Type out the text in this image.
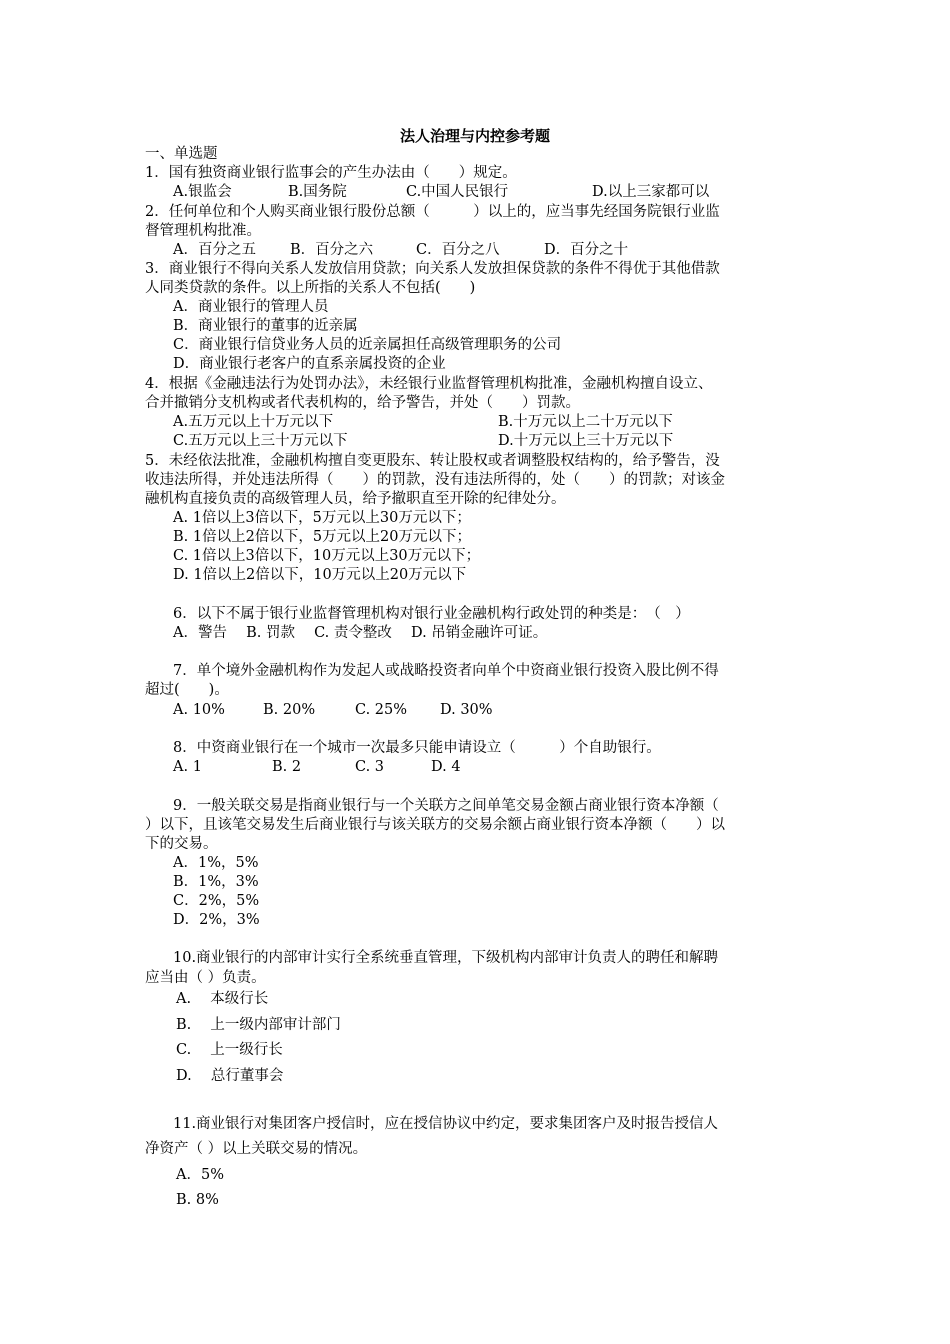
法人治理与内控参考题
一、单选题
1．国有独资商业银行监事会的产生办法由（　　）规定。
A.银监会	B.国务院	C.中国人民银行	D.以上三家都可以
2．任何单位和个人购买商业银行股份总额（　　　）以上的，应当事先经国务院银行业监
督管理机构批准。
A．百分之五 B．百分之六	C．百分之八	D．百分之十
3．商业银行不得向关系人发放信用贷款；向关系人发放担保贷款的条件不得优于其他借款
人同类贷款的条件。以上所指的关系人不包括(　　)
A．商业银行的管理人员
B．商业银行的董事的近亲属
C．商业银行信贷业务人员的近亲属担任高级管理职务的公司
D．商业银行老客户的直系亲属投资的企业
4．根据《金融违法行为处罚办法》，未经银行业监督管理机构批准，金融机构擅自设立、
合并撤销分支机构或者代表机构的，给予警告，并处（　　）罚款。
A.五万元以上十万元以下	B.十万元以上二十万元以下
C.五万元以上三十万元以下	D.十万元以上三十万元以下
5．未经依法批准，金融机构擅自变更股东、转让股权或者调整股权结构的，给予警告，没
收违法所得，并处违法所得（　　）的罚款，没有违法所得的，处（　　）的罚款；对该金
融机构直接负责的高级管理人员，给予撤职直至开除的纪律处分。
A. 1倍以上3倍以下，5万元以上30万元以下；
B. 1倍以上2倍以下，5万元以上20万元以下；
C. 1倍以上3倍以下，10万元以上30万元以下；
D. 1倍以上2倍以下，10万元以上20万元以下
6．以下不属于银行业监督管理机构对银行业金融机构行政处罚的种类是：　（　）
A．警告　 B. 罚款　 C. 责令整改　 D. 吊销金融许可证。
7．单个境外金融机构作为发起人或战略投资者向单个中资商业银行投资入股比例不得
超过(　　)。
A. 10%	B. 20%	C. 25% D. 30%
8．中资商业银行在一个城市一次最多只能申请设立（　　　）个自助银行。
A. 1	B. 2	C. 3	D. 4
9．一般关联交易是指商业银行与一个关联方之间单笔交易金额占商业银行资本净额（
）以下，且该笔交易发生后商业银行与该关联方的交易余额占商业银行资本净额（　　）以
下的交易。
A．1%，5%
B．1%，3%
C．2%，5%
D．2%，3%
10.商业银行的内部审计实行全系统垂直管理，下级机构内部审计负责人的聘任和解聘
应当由（ ）负责。
A.　 本级行长
B.　 上一级内部审计部门
C.　 上一级行长
D.　 总行董事会
11.商业银行对集团客户授信时，应在授信协议中约定，要求集团客户及时报告授信人
净资产（ ）以上关联交易的情况。
A．5%
B. 8%
